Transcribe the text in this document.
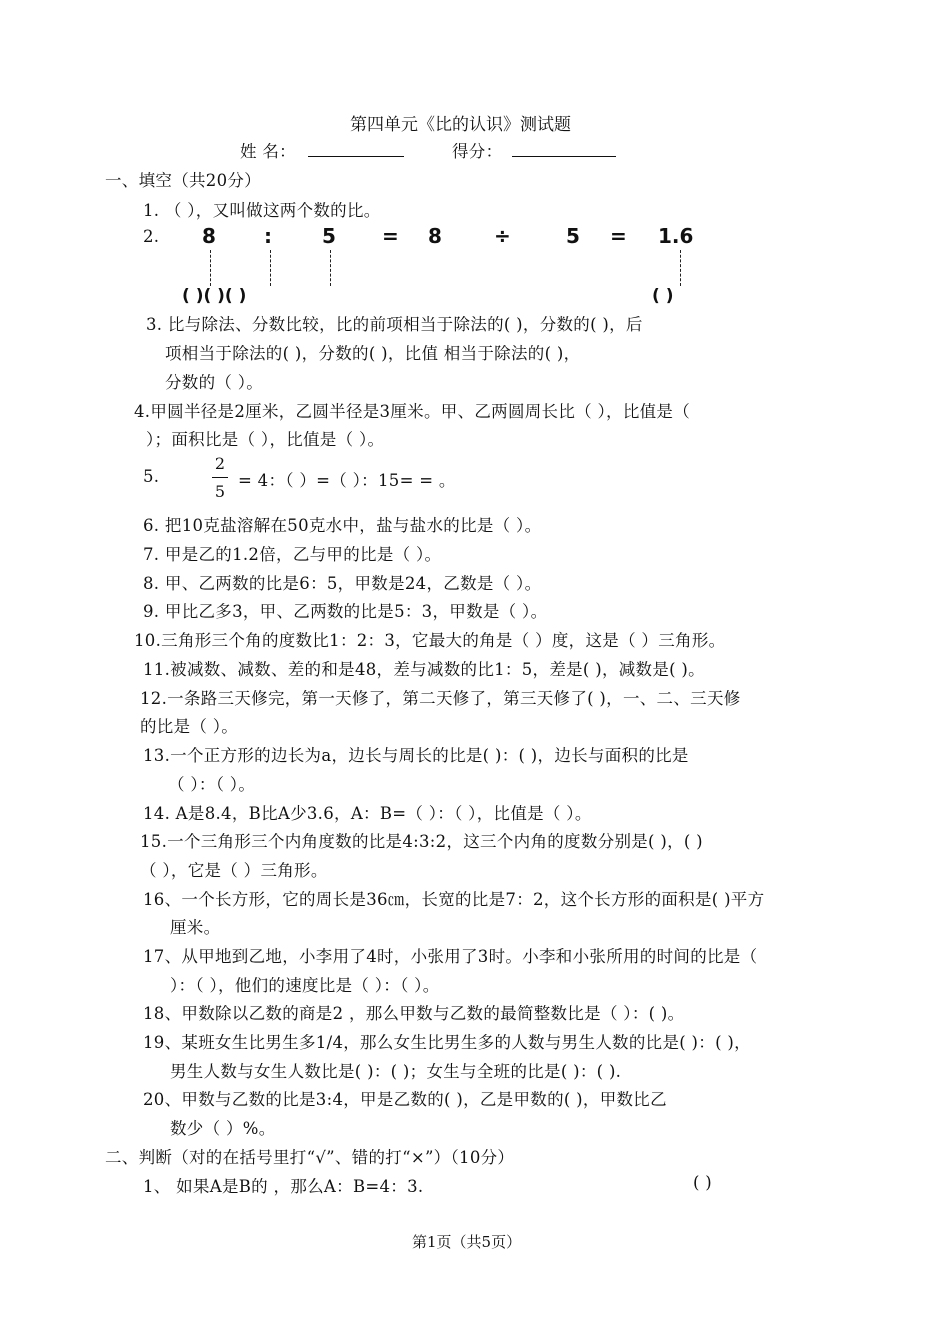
第四单元《比的认识》测试题
姓 名：	得分：
一、填空（共20分）
1. （ ），又叫做这两个数的比。
2. 8 :	5 = 8	÷	5 = 1.6
( )( )( )	( )
3. 比与除法、分数比较，比的前项相当于除法的( )，分数的( )，后
项相当于除法的( )，分数的( )，比值 相当于除法的( )，
分数的（ ）。
4.甲圆半径是2厘米，乙圆半径是3厘米。甲、乙两圆周长比（ ），比值是（
）；面积比是（ ），比值是（ ）。
5.
2
5
= 4：（ ）=（ ）：15= = 。
6. 把10克盐溶解在50克水中，盐与盐水的比是（ ）。
7. 甲是乙的1.2倍，乙与甲的比是（ ）。
8. 甲、乙两数的比是6：5，甲数是24，乙数是（ ）。
9. 甲比乙多3，甲、乙两数的比是5：3，甲数是（ ）。
10.三角形三个角的度数比1：2：3，它最大的角是（ ）度，这是（ ）三角形。
11.被减数、减数、差的和是48，差与减数的比1：5，差是( )，减数是( )。
12.一条路三天修完，第一天修了，第二天修了，第三天修了( )，一、二、三天修
的比是（ ）。
13.一个正方形的边长为a，边长与周长的比是( )：( )，边长与面积的比是
（ ）：（ ）。
14. A是8.4，B比A少3.6，A：B=（ ）：（ ），比值是（ ）。
15.一个三角形三个内角度数的比是4:3:2，这三个内角的度数分别是( )，( )
（ ），它是（ ）三角形。
16、一个长方形，它的周长是36㎝，长宽的比是7：2，这个长方形的面积是( )平方
厘米。
17、从甲地到乙地，小李用了4时，小张用了3时。小李和小张所用的时间的比是（
）：（ ），他们的速度比是（ ）：（ ）。
18、甲数除以乙数的商是2 ，那么甲数与乙数的最简整数比是（ ）：( )。
19、某班女生比男生多1/4，那么女生比男生多的人数与男生人数的比是( )：( )，
男生人数与女生人数比是( )：( )；女生与全班的比是( )：( ).
20、甲数与乙数的比是3:4，甲是乙数的( )，乙是甲数的( )，甲数比乙
数少（ ）%。
二、判断（对的在括号里打“√”、错的打“×”）（10分）
1、 如果A是B的 ，那么A：B=4：3.	( )
第1页（共5页）
